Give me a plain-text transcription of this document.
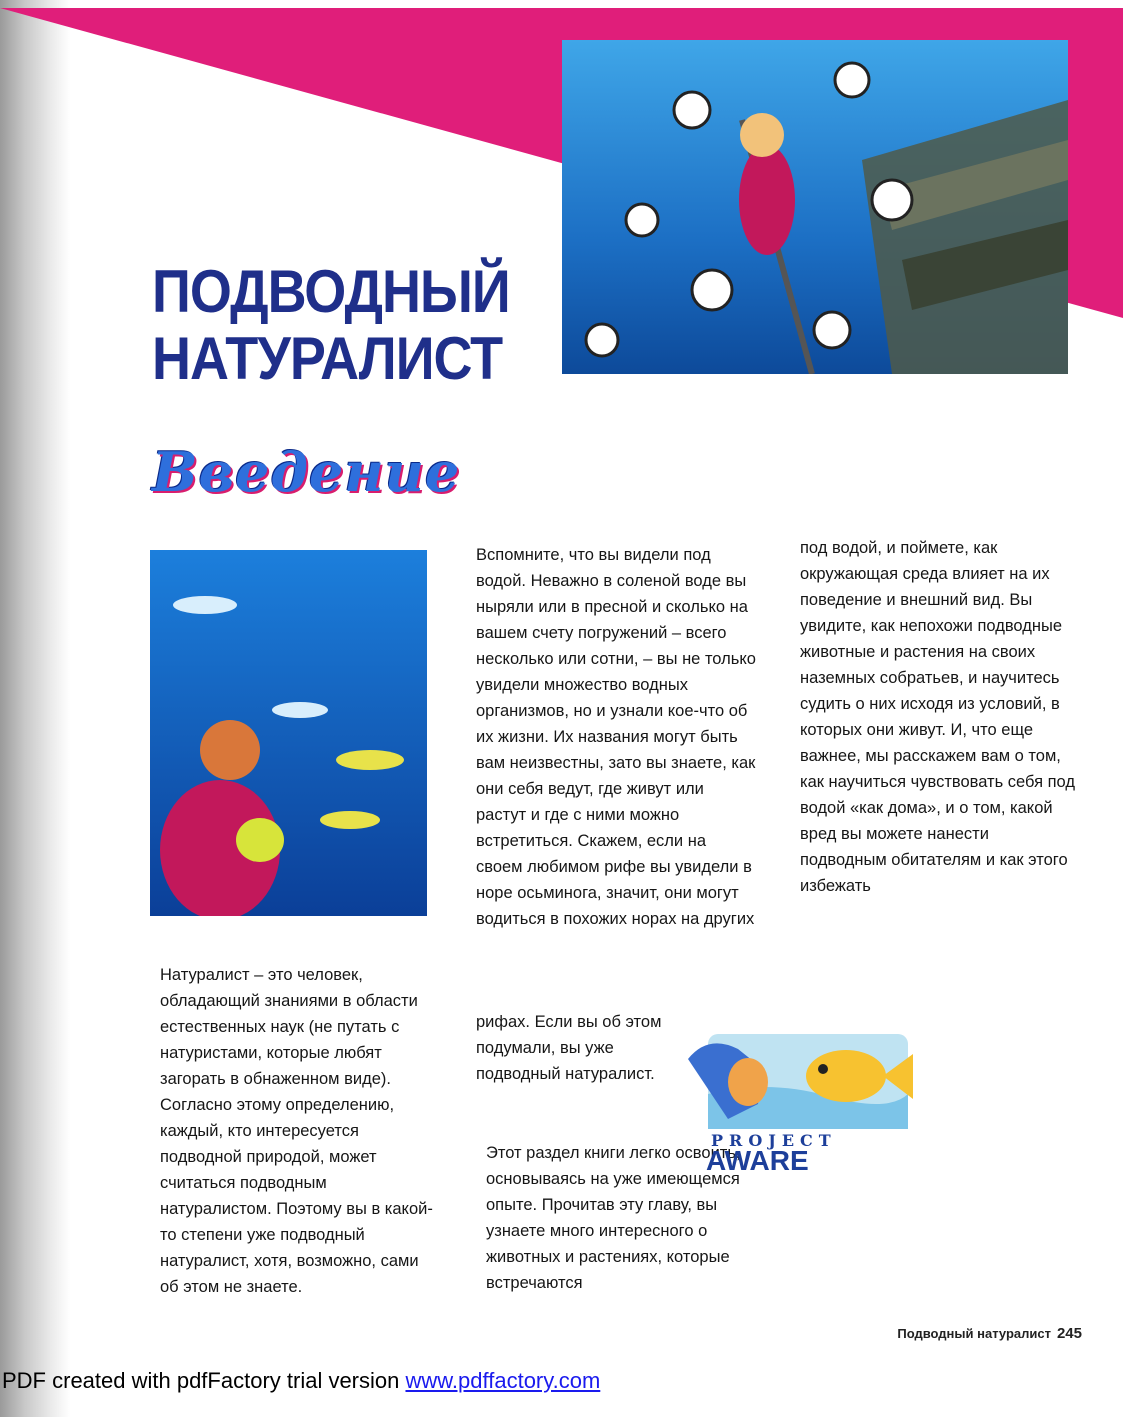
ПОДВОДНЫЙ
НАТУРАЛИСТ
Введение

Натуралист – это человек, обладающий знаниями в области естественных наук (не путать с натуристами, которые любят загорать в обнаженном виде). Согласно этому определению, каждый, кто интересуется подводной природой, может считаться подводным натуралистом. Поэтому вы в какой-то степени уже подводный натуралист, хотя, возможно, сами об этом не знаете.

Вспомните, что вы видели под водой. Неважно в соленой воде вы ныряли или в пресной и сколько на вашем счету погружений – всего несколько или сотни, – вы не только увидели множество водных организмов, но и узнали кое-что об их жизни. Их названия могут быть вам неизвестны, зато вы знаете, как они себя ведут, где живут или растут и где с ними можно встретиться. Скажем, если на своем любимом рифе вы увидели в норе осьминога, значит, они могут водиться в похожих норах на других

рифах. Если вы об этом подумали, вы уже подводный натуралист.

Этот раздел книги легко освоить, основываясь на уже имеющемся опыте. Прочитав эту главу, вы узнаете много интересного о животных и растениях, которые встречаются

под водой, и поймете, как окружающая среда влияет на их поведение и внешний вид. Вы увидите, как непохожи подводные животные и растения на своих наземных собратьев, и научитесь судить о них исходя из условий, в которых они живут. И, что еще важнее, мы расскажем вам о том, как научиться чувствовать себя под водой «как дома», и о том, какой вред вы можете нанести подводным обитателям и как этого избежать

PROJECT
AWARE
Подводный натуралист 245
PDF created with pdfFactory trial version www.pdffactory.com
